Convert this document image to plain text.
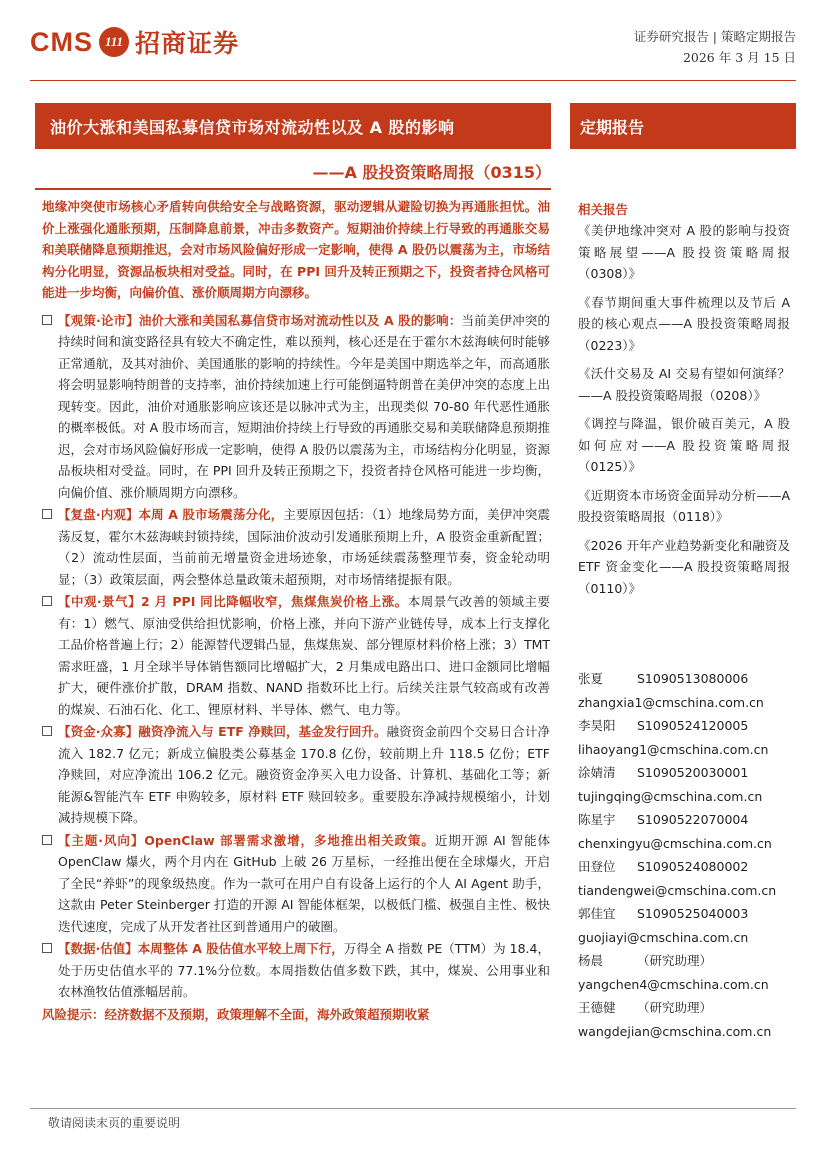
CMS 111 招商证券	证券研究报告 | 策略定期报告
2026 年 3 月 15 日
油价大涨和美国私募信贷市场对流动性以及 A 股的影响
——A 股投资策略周报（0315）
定期报告
地缘冲突使市场核心矛盾转向供给安全与战略资源，驱动逻辑从避险切换为再通胀担忧。油价上涨强化通胀预期，压制降息前景，冲击多数资产。短期油价持续上行导致的再通胀交易和美联储降息预期推迟，会对市场风险偏好形成一定影响，使得 A 股仍以震荡为主，市场结构分化明显，资源品板块相对受益。同时，在 PPI 回升及转正预期之下，投资者持仓风格可能进一步均衡，向偏价值、涨价顺周期方向漂移。
【观策·论市】油价大涨和美国私募信贷市场对流动性以及 A 股的影响：当前美伊冲突的持续时间和演变路径具有较大不确定性，难以预判，核心还是在于霍尔木兹海峡何时能够正常通航，及其对油价、美国通胀的影响的持续性。今年是美国中期选举之年，而高通胀将会明显影响特朗普的支持率，油价持续加速上行可能倒逼特朗普在美伊冲突的态度上出现转变。因此，油价对通胀影响应该还是以脉冲式为主，出现类似 70-80 年代恶性通胀的概率极低。对 A 股市场而言，短期油价持续上行导致的再通胀交易和美联储降息预期推迟，会对市场风险偏好形成一定影响，使得 A 股仍以震荡为主，市场结构分化明显，资源品板块相对受益。同时，在 PPI 回升及转正预期之下，投资者持仓风格可能进一步均衡，向偏价值、涨价顺周期方向漂移。
【复盘·内观】本周 A 股市场震荡分化，主要原因包括：（1）地缘局势方面，美伊冲突震荡反复，霍尔木兹海峡封锁持续，国际油价波动引发通胀预期上升，A 股资金重新配置；（2）流动性层面，当前前无增量资金进场迹象，市场延续震荡整理节奏，资金轮动明显；（3）政策层面，两会整体总量政策未超预期，对市场情绪提振有限。
【中观·景气】2 月 PPI 同比降幅收窄，焦煤焦炭价格上涨。本周景气改善的领域主要有：1）燃气、原油受供给担忧影响，价格上涨，并向下游产业链传导，成本上行支撑化工品价格普遍上行；2）能源替代逻辑凸显，焦煤焦炭、部分锂原材料价格上涨；3）TMT 需求旺盛，1 月全球半导体销售额同比增幅扩大，2 月集成电路出口、进口金额同比增幅扩大，硬件涨价扩散，DRAM 指数、NAND 指数环比上行。后续关注景气较高或有改善的煤炭、石油石化、化工、锂原材料、半导体、燃气、电力等。
【资金·众寡】融资净流入与 ETF 净赎回，基金发行回升。融资资金前四个交易日合计净流入 182.7 亿元；新成立偏股类公募基金 170.8 亿份，较前期上升 118.5 亿份；ETF 净赎回，对应净流出 106.2 亿元。融资资金净买入电力设备、计算机、基础化工等；新能源&智能汽车 ETF 申购较多，原材料 ETF 赎回较多。重要股东净减持规模缩小，计划减持规模下降。
【主题·风向】OpenClaw 部署需求激增，多地推出相关政策。近期开源 AI 智能体 OpenClaw 爆火，两个月内在 GitHub 上破 26 万星标，一经推出便在全球爆火，开启了全民“养虾”的现象级热度。作为一款可在用户自有设备上运行的个人 AI Agent 助手，这款由 Peter Steinberger 打造的开源 AI 智能体框架，以极低门槛、极强自主性、极快迭代速度，完成了从开发者社区到普通用户的破圈。
【数据·估值】本周整体 A 股估值水平较上周下行，万得全 A 指数 PE（TTM）为 18.4，处于历史估值水平的 77.1%分位数。本周指数估值多数下跌，其中，煤炭、公用事业和农林渔牧估值涨幅居前。
风险提示：经济数据不及预期，政策理解不全面，海外政策超预期收紧
相关报告
《美伊地缘冲突对 A 股的影响与投资策略展望——A 股投资策略周报（0308）》
《春节期间重大事件梳理以及节后 A 股的核心观点——A 股投资策略周报（0223）》
《沃什交易及 AI 交易有望如何演绎？——A 股投资策略周报（0208）》
《调控与降温，银价破百美元，A 股如何应对——A 股投资策略周报（0125）》
《近期资本市场资金面异动分析——A 股投资策略周报（0118）》
《2026 开年产业趋势新变化和融资及 ETF 资金变化——A 股投资策略周报（0110）》
张夏	S1090513080006
zhangxia1@cmschina.com.cn
李昊阳	S1090524120005
lihaoyang1@cmschina.com.cn
涂婧清	S1090520030001
tujingqing@cmschina.com.cn
陈星宇	S1090522070004
chenxingyu@cmschina.com.cn
田登位	S1090524080002
tiandengwei@cmschina.com.cn
郭佳宜	S1090525040003
guojiayi@cmschina.com.cn
杨晨	（研究助理）
yangchen4@cmschina.com.cn
王德健	（研究助理）
wangdejian@cmschina.com.cn
敬请阅读末页的重要说明
